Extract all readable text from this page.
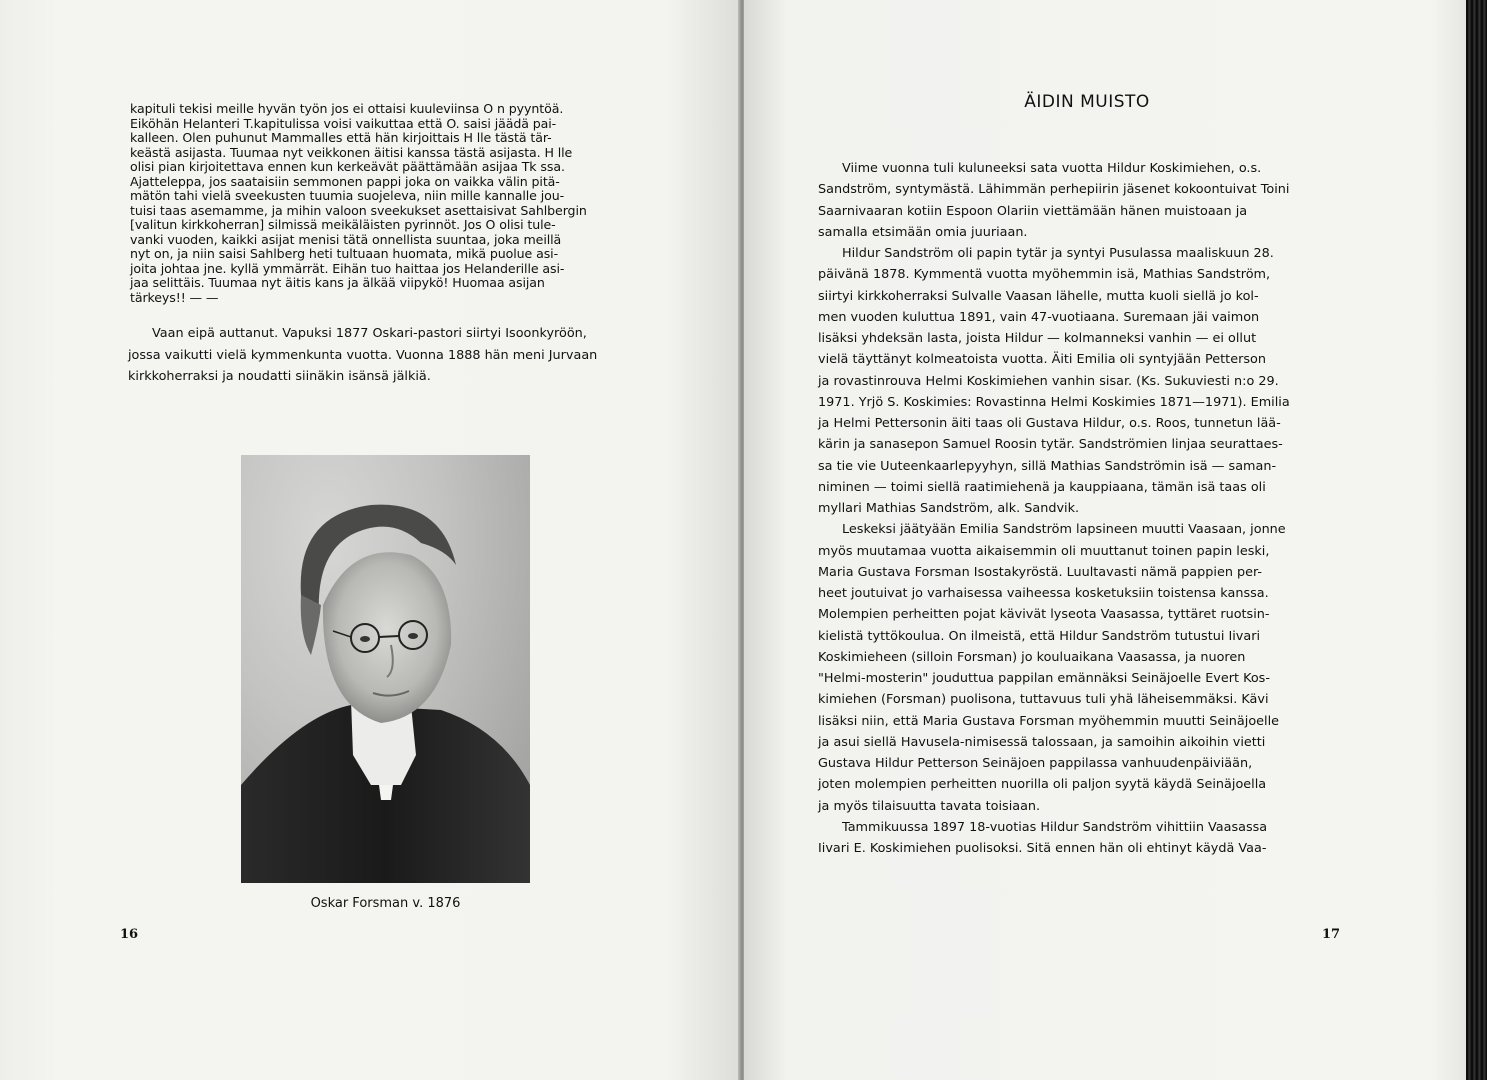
kapituli tekisi meille hyvän työn jos ei ottaisi kuuleviinsa O n pyyntöä.
Eiköhän Helanteri T.kapitulissa voisi vaikuttaa että O. saisi jäädä pai-
kalleen. Olen puhunut Mammalles että hän kirjoittais H lle tästä tär-
keästä asijasta. Tuumaa nyt veikkonen äitisi kanssa tästä asijasta. H lle
olisi pian kirjoitettava ennen kun kerkeävät päättämään asijaa Tk ssa.
Ajatteleppa, jos saataisiin semmonen pappi joka on vaikka välin pitä-
mätön tahi vielä sveekusten tuumia suojeleva, niin mille kannalle jou-
tuisi taas asemamme, ja mihin valoon sveekukset asettaisivat Sahlbergin
[valitun kirkkoherran] silmissä meikäläisten pyrinnöt. Jos O olisi tule-
vanki vuoden, kaikki asijat menisi tätä onnellista suuntaa, joka meillä
nyt on, ja niin saisi Sahlberg heti tultuaan huomata, mikä puolue asi-
joita johtaa jne. kyllä ymmärrät. Eihän tuo haittaa jos Helanderille asi-
jaa selittäis. Tuumaa nyt äitis kans ja älkää viipykö! Huomaa asijan
tärkeys!! — —
Vaan eipä auttanut. Vapuksi 1877 Oskari-pastori siirtyi Isoonkyröön,
jossa vaikutti vielä kymmenkunta vuotta. Vuonna 1888 hän meni Jurvaan
kirkkoherraksi ja noudatti siinäkin isänsä jälkiä.
Oskar Forsman v. 1876
16
ÄIDIN MUISTO
Viime vuonna tuli kuluneeksi sata vuotta Hildur Koskimiehen, o.s.
Sandström, syntymästä. Lähimmän perhepiirin jäsenet kokoontuivat Toini
Saarnivaaran kotiin Espoon Olariin viettämään hänen muistoaan ja
samalla etsimään omia juuriaan.
Hildur Sandström oli papin tytär ja syntyi Pusulassa maaliskuun 28.
päivänä 1878. Kymmentä vuotta myöhemmin isä, Mathias Sandström,
siirtyi kirkkoherraksi Sulvalle Vaasan lähelle, mutta kuoli siellä jo kol-
men vuoden kuluttua 1891, vain 47-vuotiaana. Suremaan jäi vaimon
lisäksi yhdeksän lasta, joista Hildur — kolmanneksi vanhin — ei ollut
vielä täyttänyt kolmeatoista vuotta. Äiti Emilia oli syntyjään Petterson
ja rovastinrouva Helmi Koskimiehen vanhin sisar. (Ks. Sukuviesti n:o 29.
1971. Yrjö S. Koskimies: Rovastinna Helmi Koskimies 1871—1971). Emilia
ja Helmi Pettersonin äiti taas oli Gustava Hildur, o.s. Roos, tunnetun lää-
kärin ja sanasepon Samuel Roosin tytär. Sandströmien linjaa seurattaes-
sa tie vie Uuteenkaarlepyyhyn, sillä Mathias Sandströmin isä — saman-
niminen — toimi siellä raatimiehenä ja kauppiaana, tämän isä taas oli
myllari Mathias Sandström, alk. Sandvik.
Leskeksi jäätyään Emilia Sandström lapsineen muutti Vaasaan, jonne
myös muutamaa vuotta aikaisemmin oli muuttanut toinen papin leski,
Maria Gustava Forsman Isostakyröstä. Luultavasti nämä pappien per-
heet joutuivat jo varhaisessa vaiheessa kosketuksiin toistensa kanssa.
Molempien perheitten pojat kävivät lyseota Vaasassa, tyttäret ruotsin-
kielistä tyttökoulua. On ilmeistä, että Hildur Sandström tutustui Iivari
Koskimieheen (silloin Forsman) jo kouluaikana Vaasassa, ja nuoren
"Helmi-mosterin" jouduttua pappilan emännäksi Seinäjoelle Evert Kos-
kimiehen (Forsman) puolisona, tuttavuus tuli yhä läheisemmäksi. Kävi
lisäksi niin, että Maria Gustava Forsman myöhemmin muutti Seinäjoelle
ja asui siellä Havusela-nimisessä talossaan, ja samoihin aikoihin vietti
Gustava Hildur Petterson Seinäjoen pappilassa vanhuudenpäiviään,
joten molempien perheitten nuorilla oli paljon syytä käydä Seinäjoella
ja myös tilaisuutta tavata toisiaan.
Tammikuussa 1897 18-vuotias Hildur Sandström vihittiin Vaasassa
Iivari E. Koskimiehen puolisoksi. Sitä ennen hän oli ehtinyt käydä Vaa-
17
